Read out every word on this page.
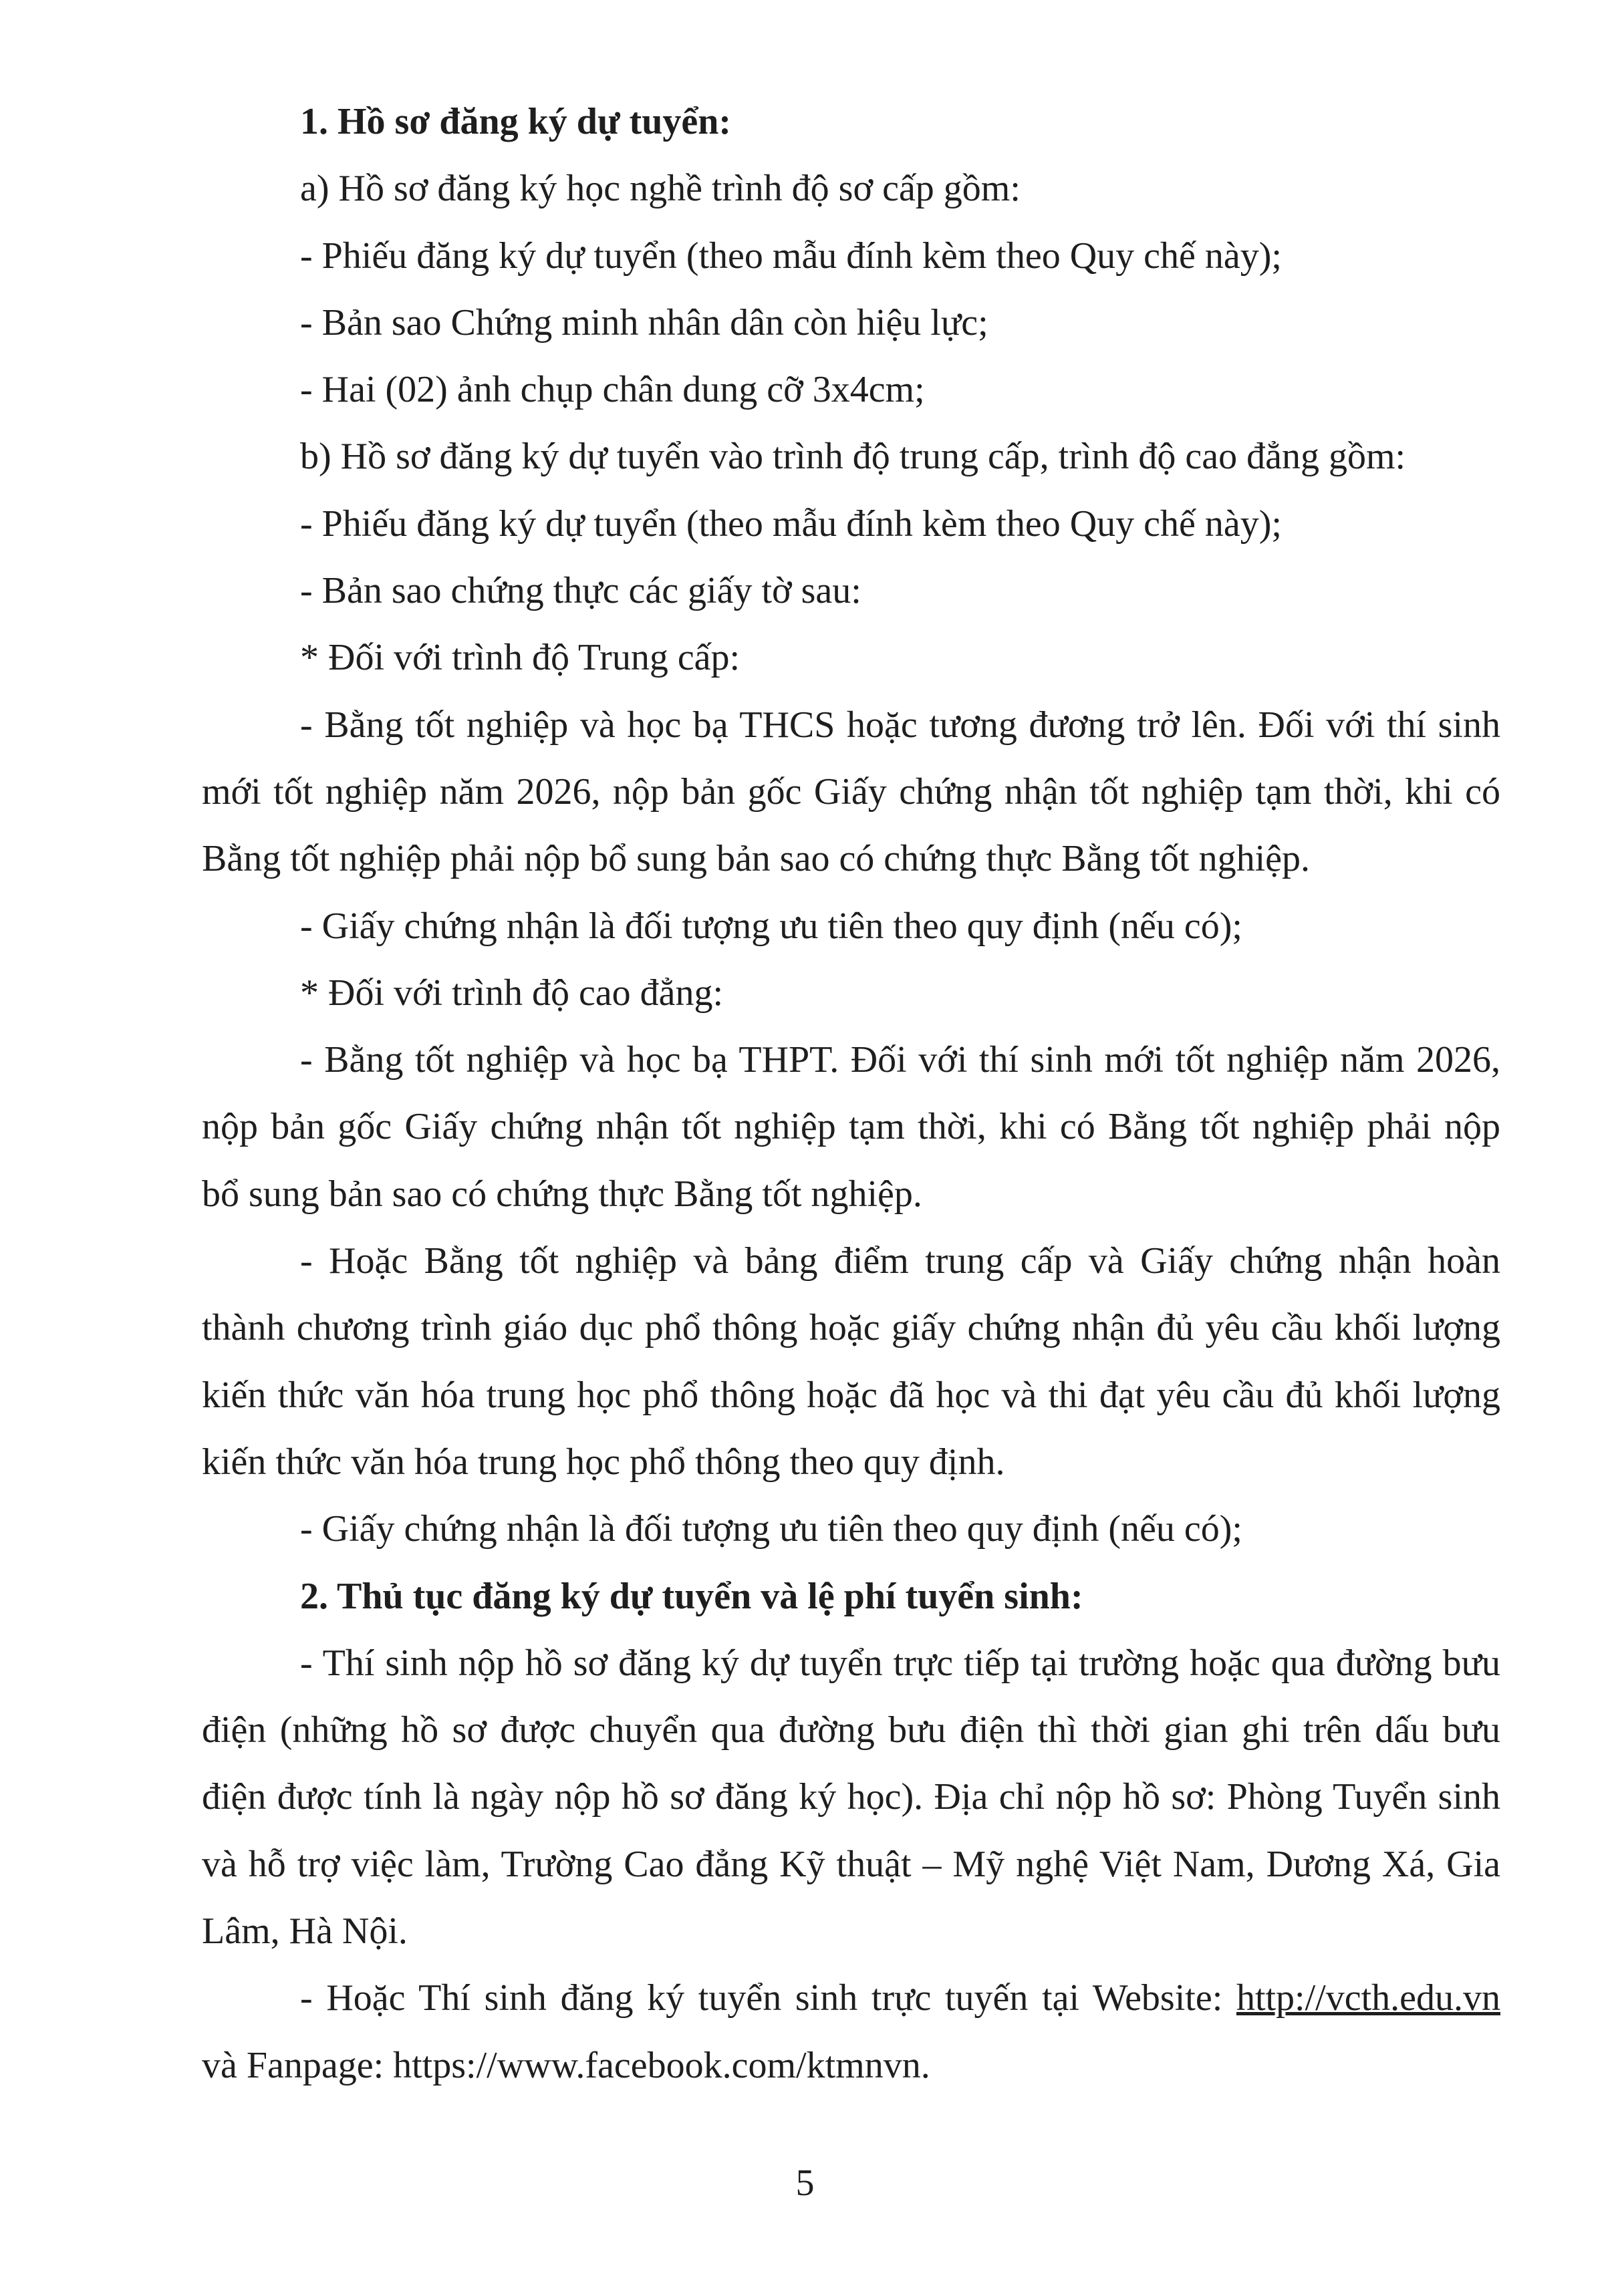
1. Hồ sơ đăng ký dự tuyển:
a) Hồ sơ đăng ký học nghề trình độ sơ cấp gồm:
- Phiếu đăng ký dự tuyển (theo mẫu đính kèm theo Quy chế này);
- Bản sao Chứng minh nhân dân còn hiệu lực;
- Hai (02) ảnh chụp chân dung cỡ 3x4cm;
b) Hồ sơ đăng ký dự tuyển vào trình độ trung cấp, trình độ cao đẳng gồm:
- Phiếu đăng ký dự tuyển (theo mẫu đính kèm theo Quy chế này);
- Bản sao chứng thực các giấy tờ sau:
* Đối với trình độ Trung cấp:
- Bằng tốt nghiệp và học bạ THCS hoặc tương đương trở lên. Đối với thí sinh
mới tốt nghiệp năm 2026, nộp bản gốc Giấy chứng nhận tốt nghiệp tạm thời, khi có
Bằng tốt nghiệp phải nộp bổ sung bản sao có chứng thực Bằng tốt nghiệp.
- Giấy chứng nhận là đối tượng ưu tiên theo quy định (nếu có);
* Đối với trình độ cao đẳng:
- Bằng tốt nghiệp và học bạ THPT. Đối với thí sinh mới tốt nghiệp năm 2026,
nộp bản gốc Giấy chứng nhận tốt nghiệp tạm thời, khi có Bằng tốt nghiệp phải nộp
bổ sung bản sao có chứng thực Bằng tốt nghiệp.
- Hoặc Bằng tốt nghiệp và bảng điểm trung cấp và Giấy chứng nhận hoàn
thành chương trình giáo dục phổ thông hoặc giấy chứng nhận đủ yêu cầu khối lượng
kiến thức văn hóa trung học phổ thông hoặc đã học và thi đạt yêu cầu đủ khối lượng
kiến thức văn hóa trung học phổ thông theo quy định.
- Giấy chứng nhận là đối tượng ưu tiên theo quy định (nếu có);
2. Thủ tục đăng ký dự tuyển và lệ phí tuyển sinh:
- Thí sinh nộp hồ sơ đăng ký dự tuyển trực tiếp tại trường hoặc qua đường bưu
điện (những hồ sơ được chuyển qua đường bưu điện thì thời gian ghi trên dấu bưu
điện được tính là ngày nộp hồ sơ đăng ký học). Địa chỉ nộp hồ sơ: Phòng Tuyển sinh
và hỗ trợ việc làm, Trường Cao đẳng Kỹ thuật – Mỹ nghệ Việt Nam, Dương Xá, Gia
Lâm, Hà Nội.
- Hoặc Thí sinh đăng ký tuyển sinh trực tuyến tại Website: http://vcth.edu.vn
và Fanpage: https://www.facebook.com/ktmnvn.
5
